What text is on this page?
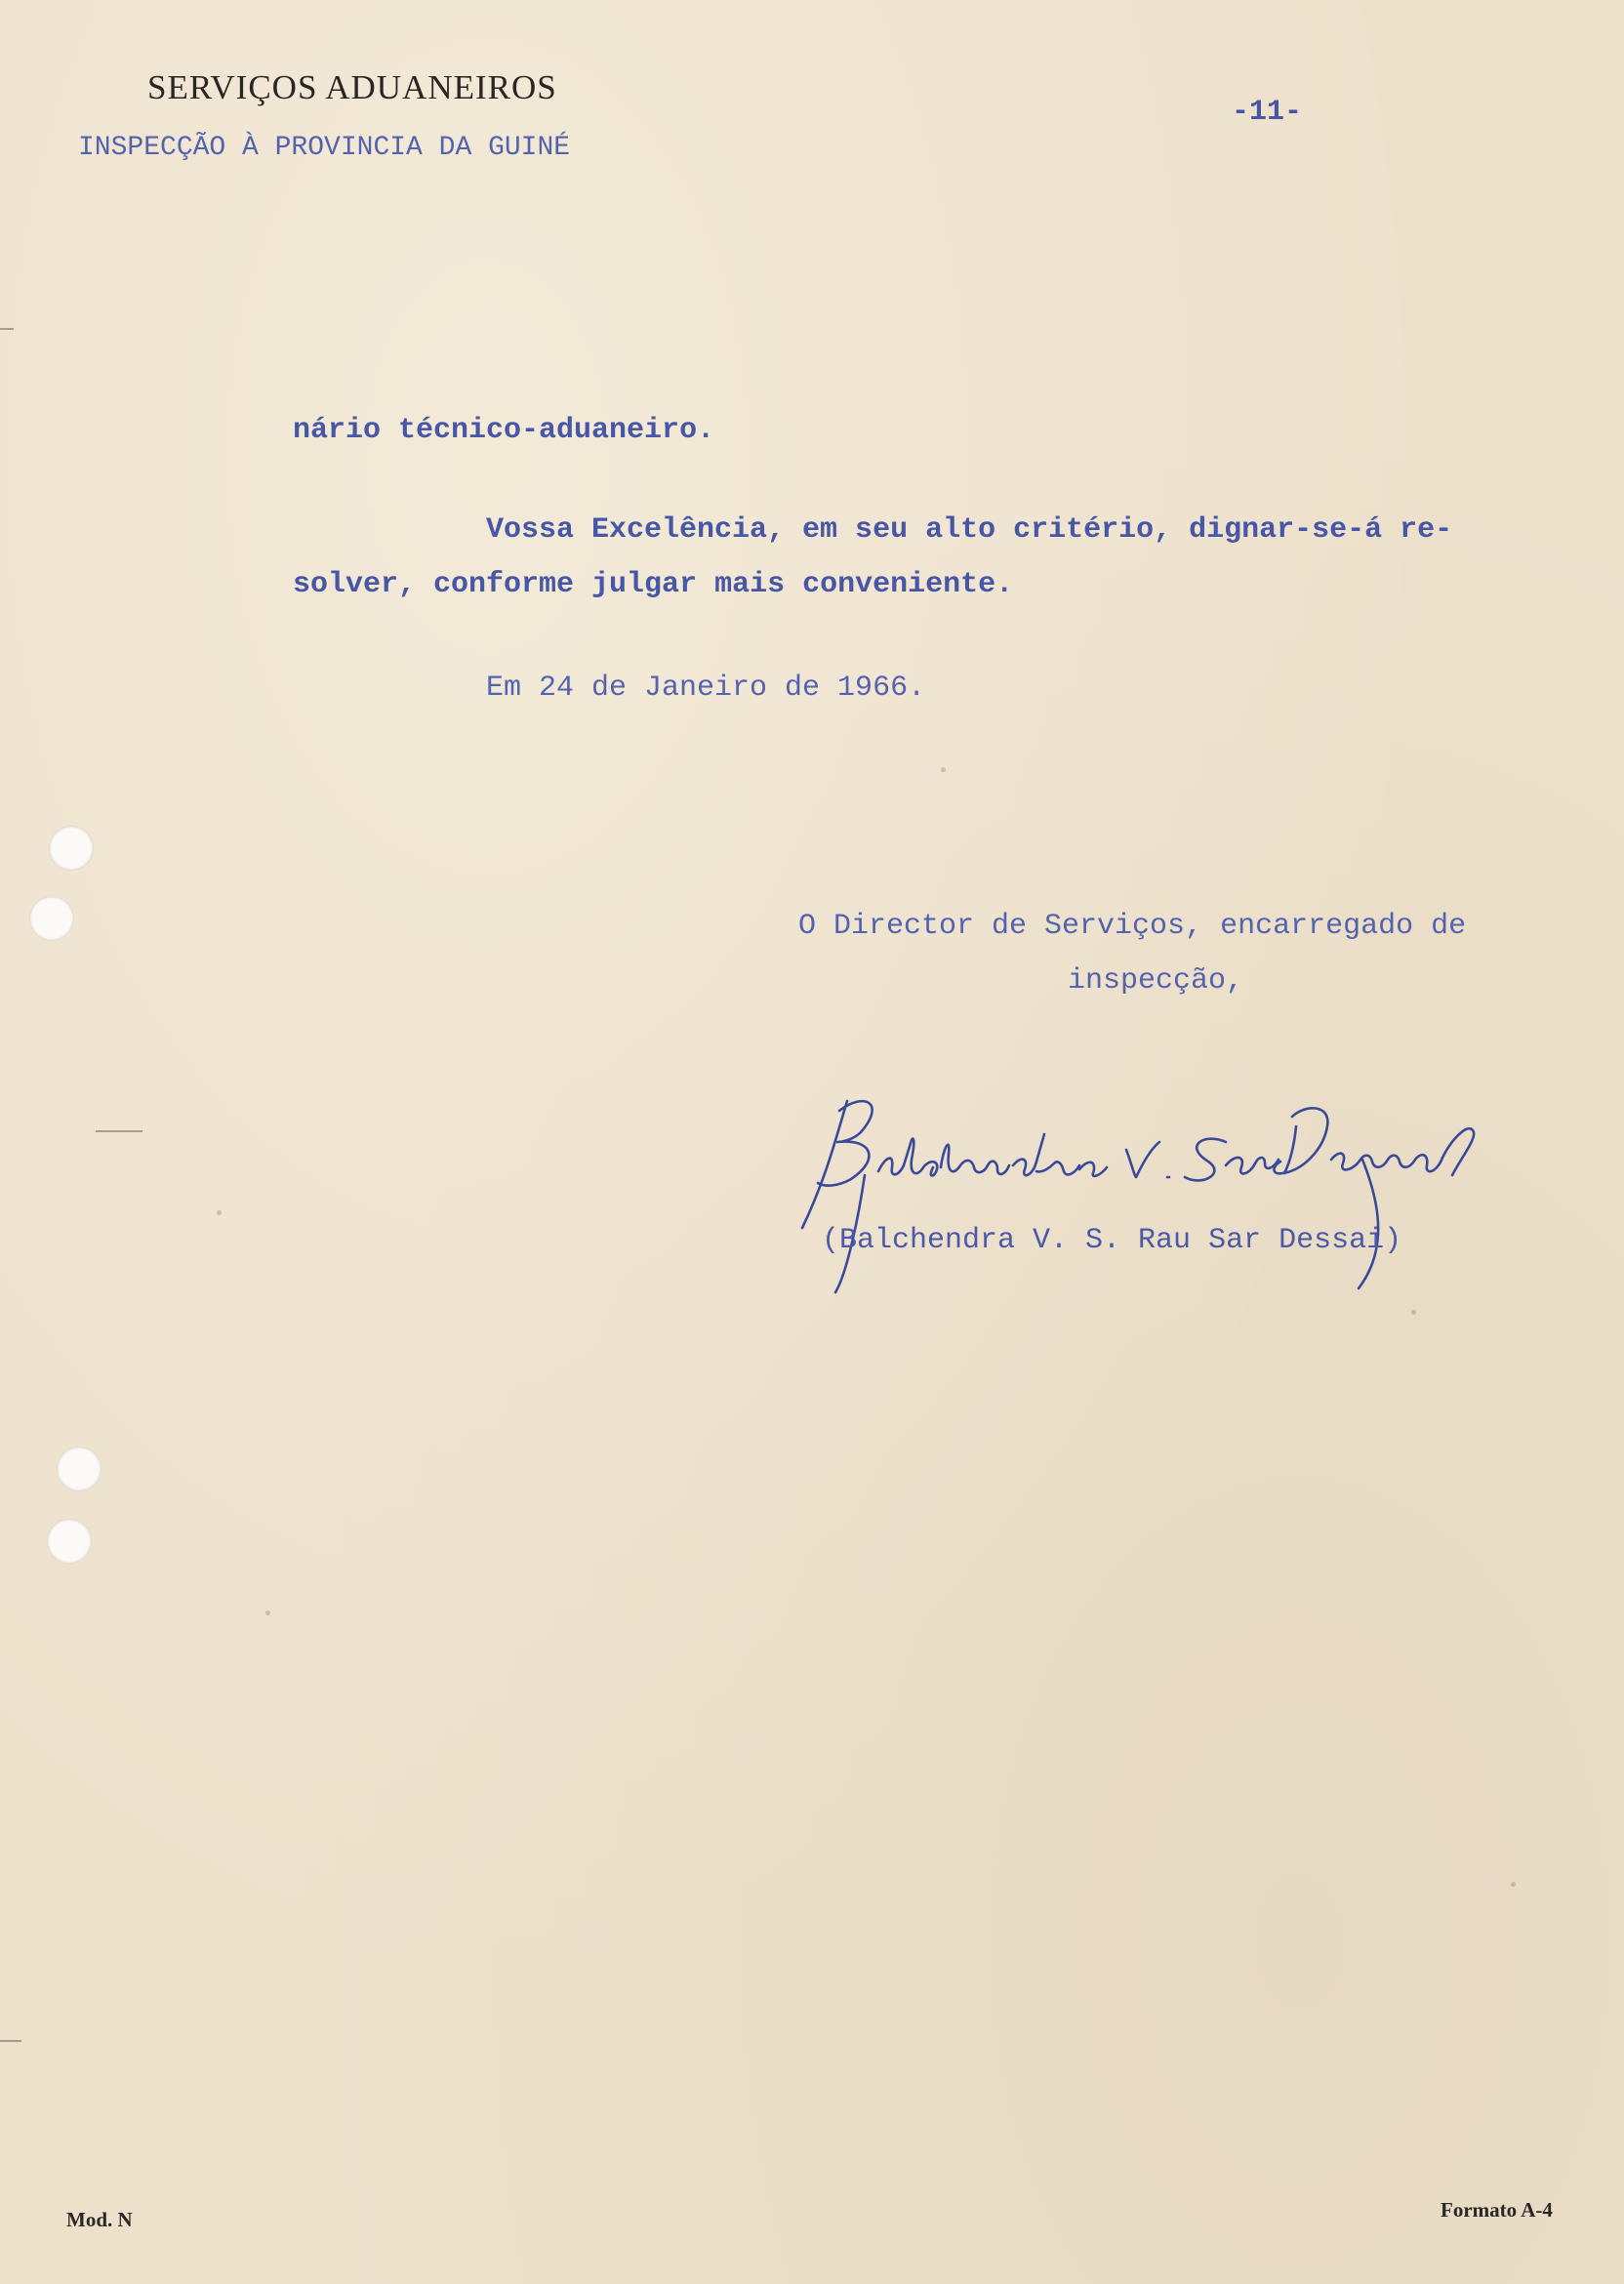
SERVIÇOS ADUANEIROS
INSPECÇÃO À PROVINCIA DA GUINÉ
-11-
nário técnico-aduaneiro.
Vossa Excelência, em seu alto critério, dignar-se-á re-
solver, conforme julgar mais conveniente.
Em 24 de Janeiro de 1966.
O Director de Serviços, encarregado de
inspecção,
(Balchendra V. S. Rau Sar Dessai)
Mod. N	Formato A-4
